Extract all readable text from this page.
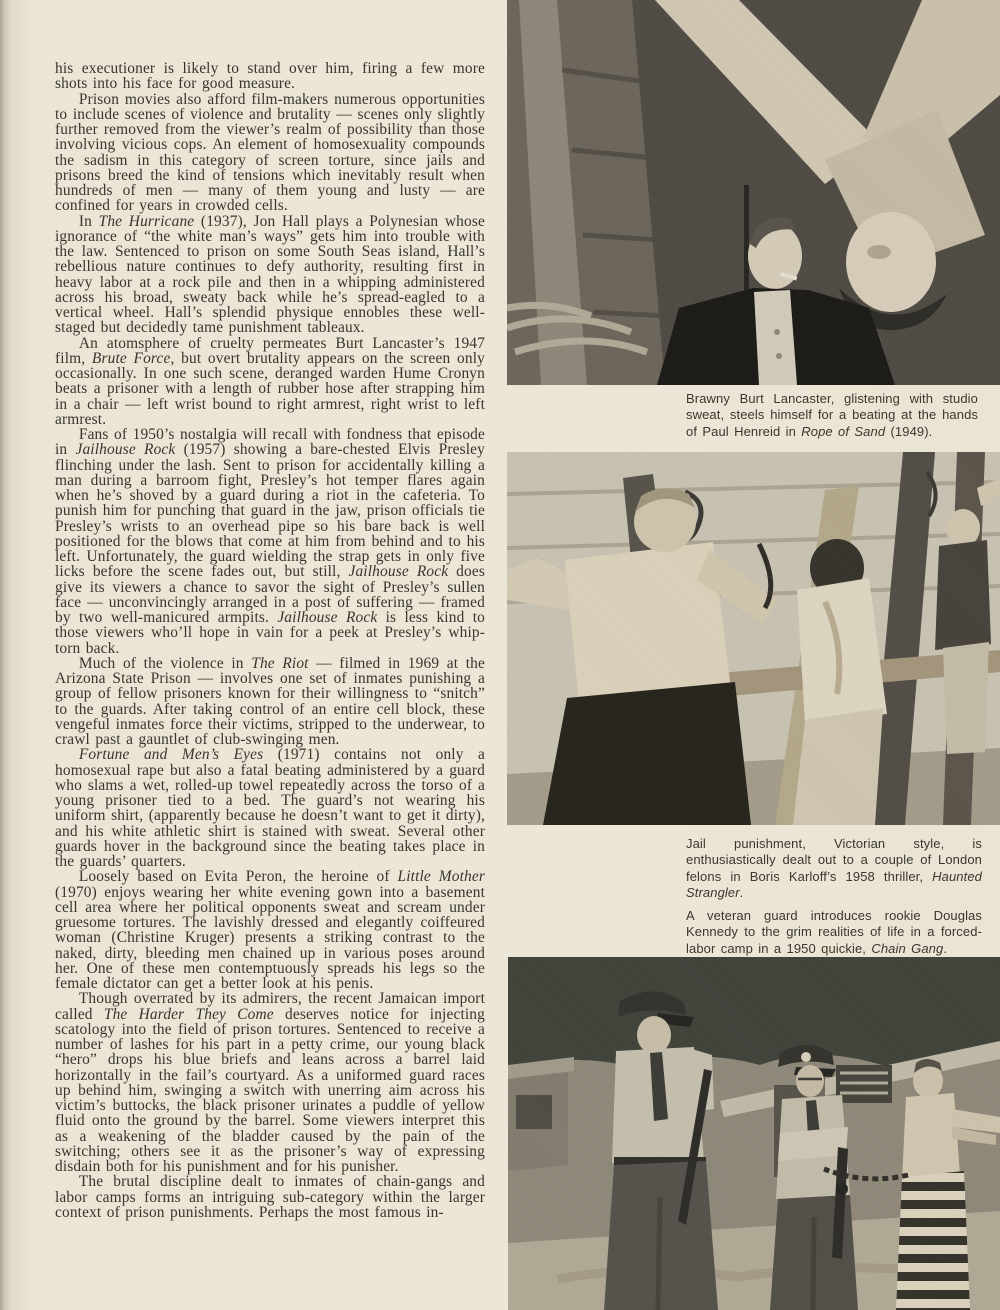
his executioner is likely to stand over him, firing a few more shots into his face for good measure.

Prison movies also afford film-makers numerous opportunities to include scenes of violence and brutality — scenes only slightly further removed from the viewer’s realm of possibility than those involving vicious cops. An element of homosexuality compounds the sadism in this category of screen torture, since jails and prisons breed the kind of tensions which inevitably result when hundreds of men — many of them young and lusty — are confined for years in crowded cells.

In The Hurricane (1937), Jon Hall plays a Polynesian whose ignorance of “the white man’s ways” gets him into trouble with the law. Sentenced to prison on some South Seas island, Hall’s rebellious nature continues to defy authority, resulting first in heavy labor at a rock pile and then in a whipping administered across his broad, sweaty back while he’s spread-eagled to a vertical wheel. Hall’s splendid physique ennobles these well-staged but decidedly tame punishment tableaux.

An atomsphere of cruelty permeates Burt Lancaster’s 1947 film, Brute Force, but overt brutality appears on the screen only occasionally. In one such scene, deranged warden Hume Cronyn beats a prisoner with a length of rubber hose after strapping him in a chair — left wrist bound to right armrest, right wrist to left armrest.

Fans of 1950’s nostalgia will recall with fondness that episode in Jailhouse Rock (1957) showing a bare-chested Elvis Presley flinching under the lash. Sent to prison for accidentally killing a man during a barroom fight, Presley’s hot temper flares again when he’s shoved by a guard during a riot in the cafeteria. To punish him for punching that guard in the jaw, prison officials tie Presley’s wrists to an overhead pipe so his bare back is well positioned for the blows that come at him from behind and to his left. Unfortunately, the guard wielding the strap gets in only five licks before the scene fades out, but still, Jailhouse Rock does give its viewers a chance to savor the sight of Presley’s sullen face — unconvincingly arranged in a post of suffering — framed by two well-manicured armpits. Jailhouse Rock is less kind to those viewers who’ll hope in vain for a peek at Presley’s whip-torn back.

Much of the violence in The Riot — filmed in 1969 at the Arizona State Prison — involves one set of inmates punishing a group of fellow prisoners known for their willingness to “snitch” to the guards. After taking control of an entire cell block, these vengeful inmates force their victims, stripped to the underwear, to crawl past a gauntlet of club-swinging men.

Fortune and Men’s Eyes (1971) contains not only a homosexual rape but also a fatal beating administered by a guard who slams a wet, rolled-up towel repeatedly across the torso of a young prisoner tied to a bed. The guard’s not wearing his uniform shirt, (apparently because he doesn’t want to get it dirty), and his white athletic shirt is stained with sweat. Several other guards hover in the background since the beating takes place in the guards’ quarters.

Loosely based on Evita Peron, the heroine of Little Mother (1970) enjoys wearing her white evening gown into a basement cell area where her political opponents sweat and scream under gruesome tortures. The lavishly dressed and elegantly coiffeured woman (Christine Kruger) presents a striking contrast to the naked, dirty, bleeding men chained up in various poses around her. One of these men contemptuously spreads his legs so the female dictator can get a better look at his penis.

Though overrated by its admirers, the recent Jamaican import called The Harder They Come deserves notice for injecting scatology into the field of prison tortures. Sentenced to receive a number of lashes for his part in a petty crime, our young black “hero” drops his blue briefs and leans across a barrel laid horizontally in the fail’s courtyard. As a uniformed guard races up behind him, swinging a switch with unerring aim across his victim’s buttocks, the black prisoner urinates a puddle of yellow fluid onto the ground by the barrel. Some viewers interpret this as a weakening of the bladder caused by the pain of the switching; others see it as the prisoner’s way of expressing disdain both for his punishment and for his punisher.

The brutal discipline dealt to inmates of chain-gangs and labor camps forms an intriguing sub-category within the larger context of prison punishments. Perhaps the most famous in-

Brawny Burt Lancaster, glistening with studio sweat, steels himself for a beating at the hands of Paul Henreid in Rope of Sand (1949).
Jail punishment, Victorian style, is enthusiastically dealt out to a couple of London felons in Boris Karloff’s 1958 thriller, Haunted Strangler.
A veteran guard introduces rookie Douglas Kennedy to the grim realities of life in a forced-labor camp in a 1950 quickie, Chain Gang.
